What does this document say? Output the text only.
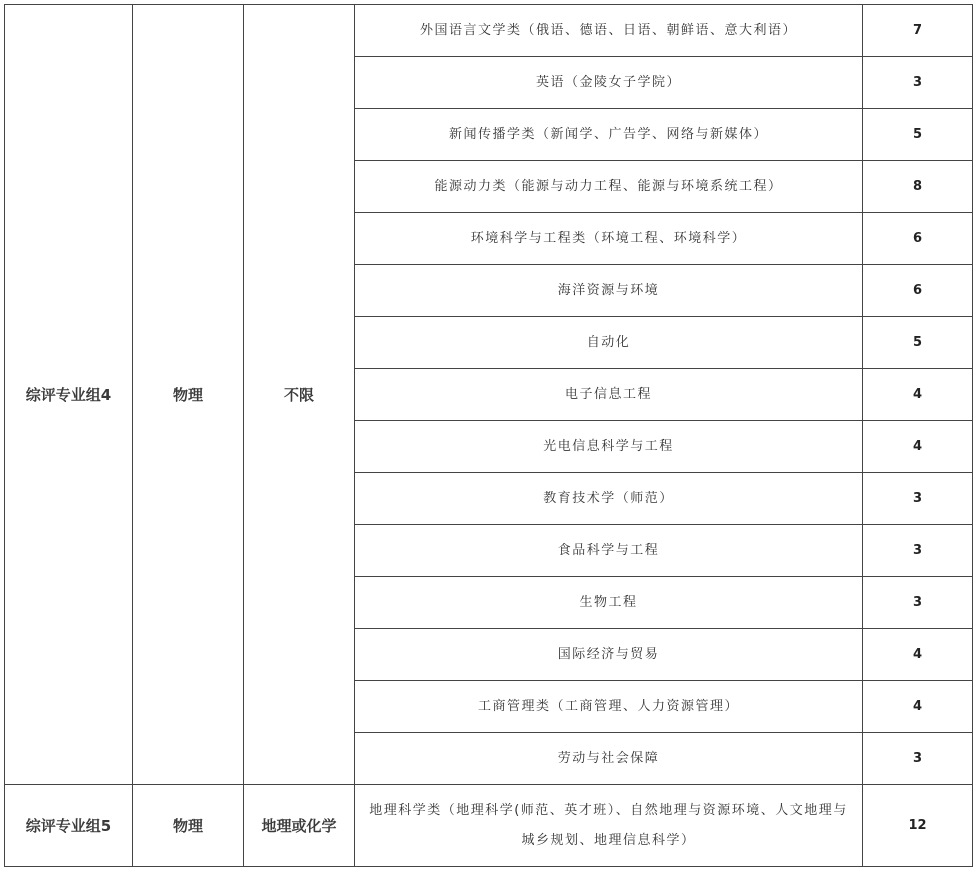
综评专业组4	物理	不限	外国语言文学类（俄语、德语、日语、朝鲜语、意大利语）	7
			英语（金陵女子学院）	3
			新闻传播学类（新闻学、广告学、网络与新媒体）	5
			能源动力类（能源与动力工程、能源与环境系统工程）	8
			环境科学与工程类（环境工程、环境科学）	6
			海洋资源与环境	6
			自动化	5
			电子信息工程	4
			光电信息科学与工程	4
			教育技术学（师范）	3
			食品科学与工程	3
			生物工程	3
			国际经济与贸易	4
			工商管理类（工商管理、人力资源管理）	4
			劳动与社会保障	3
综评专业组5	物理	地理或化学	地理科学类（地理科学(师范、英才班）、自然地理与资源环境、人文地理与城乡规划、地理信息科学）	12
